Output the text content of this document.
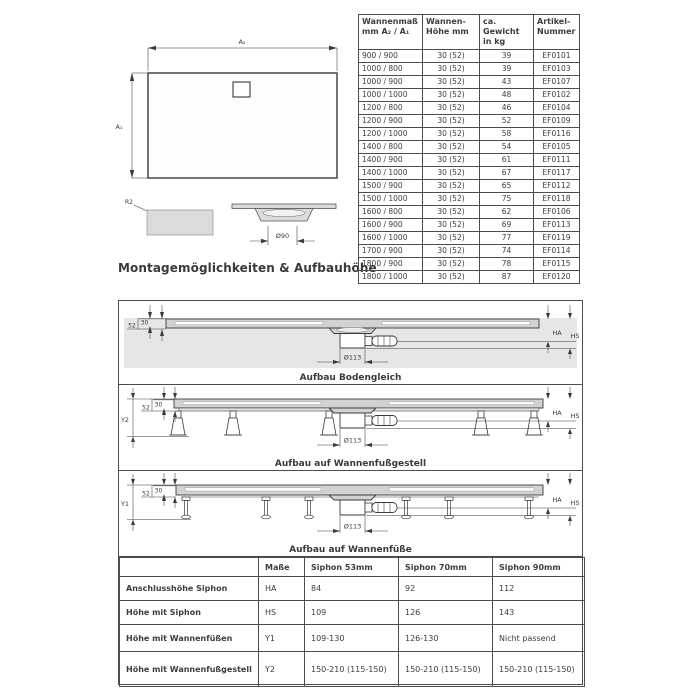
A₂
A₁
R2
Ø90
Montagemöglichkeiten & Aufbauhöhe
Wannenmaß mm A₂ / A₁	Wannen-Höhe mm	ca. Gewicht in kg	Artikel-Nummer
900 / 900	30 (52)	39	EF0101
1000 / 800	30 (52)	39	EF0103
1000 / 900	30 (52)	43	EF0107
1000 / 1000	30 (52)	48	EF0102
1200 / 800	30 (52)	46	EF0104
1200 / 900	30 (52)	52	EF0109
1200 / 1000	30 (52)	58	EF0116
1400 / 800	30 (52)	54	EF0105
1400 / 900	30 (52)	61	EF0111
1400 / 1000	30 (52)	67	EF0117
1500 / 900	30 (52)	65	EF0112
1500 / 1000	30 (52)	75	EF0118
1600 / 800	30 (52)	62	EF0106
1600 / 900	30 (52)	69	EF0113
1600 / 1000	30 (52)	77	EF0119
1700 / 900	30 (52)	74	EF0114
1800 / 900	30 (52)	78	EF0115
1800 / 1000	30 (52)	87	EF0120
52 30
HA HS
Ø113
Aufbau Bodengleich
Y2
52 30
HA HS
Ø113
Aufbau auf Wannenfußgestell
Y1
52 30
HA HS
Ø113
Aufbau auf Wannenfüße
	Maße	Siphon 53mm	Siphon 70mm	Siphon 90mm
Anschlusshöhe Siphon	HA	84	92	112
Höhe mit Siphon	HS	109	126	143
Höhe mit Wannenfüßen	Y1	109-130	126-130	Nicht passend
Höhe mit Wannenfußgestell	Y2	150-210 (115-150)	150-210 (115-150)	150-210 (115-150)
